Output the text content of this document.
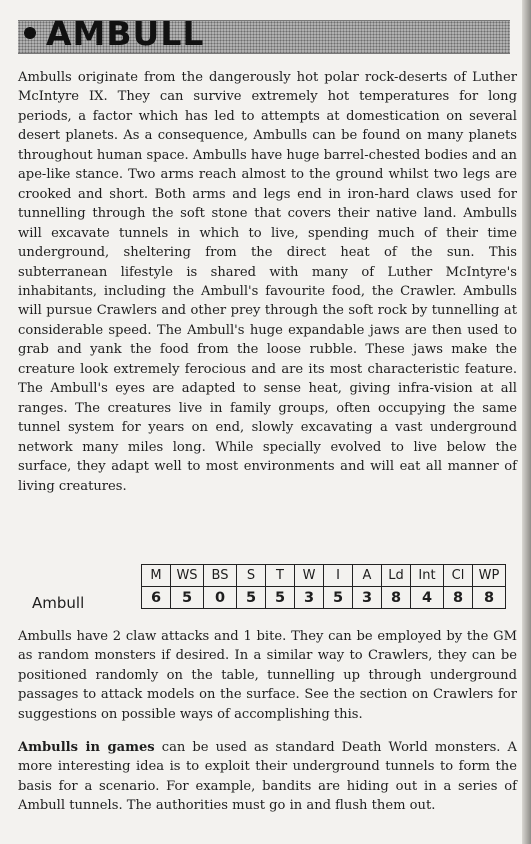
AMBULL

Ambulls originate from the dangerously hot polar rock-deserts of Luther McIntyre IX. They can survive extremely hot temperatures for long periods, a factor which has led to attempts at domestication on several desert planets. As a consequence, Ambulls can be found on many planets throughout human space. Ambulls have huge barrel-chested bodies and an ape-like stance. Two arms reach almost to the ground whilst two legs are crooked and short. Both arms and legs end in iron-hard claws used for tunnelling through the soft stone that covers their native land. Ambulls will excavate tunnels in which to live, spending much of their time underground, sheltering from the direct heat of the sun. This subterranean lifestyle is shared with many of Luther McIntyre's inhabitants, including the Ambull's favourite food, the Crawler. Ambulls will pursue Crawlers and other prey through the soft rock by tunnelling at considerable speed. The Ambull's huge expandable jaws are then used to grab and yank the food from the loose rubble. These jaws make the creature look extremely ferocious and are its most characteristic feature. The Ambull's eyes are adapted to sense heat, giving infra-vision at all ranges. The creatures live in family groups, often occupying the same tunnel system for years on end, slowly excavating a vast underground network many miles long. While specially evolved to live below the surface, they adapt well to most environments and will eat all manner of living creatures.

Ambull
M	WS	BS	S	T	W	I	A	Ld	Int	Cl	WP
6	5	0	5	5	3	5	3	8	4	8	8

Ambulls have 2 claw attacks and 1 bite. They can be employed by the GM as random monsters if desired. In a similar way to Crawlers, they can be positioned randomly on the table, tunnelling up through underground passages to attack models on the surface. See the section on Crawlers for suggestions on possible ways of accomplishing this.

Ambulls in games can be used as standard Death World monsters. A more interesting idea is to exploit their underground tunnels to form the basis for a scenario. For example, bandits are hiding out in a series of Ambull tunnels. The authorities must go in and flush them out.
